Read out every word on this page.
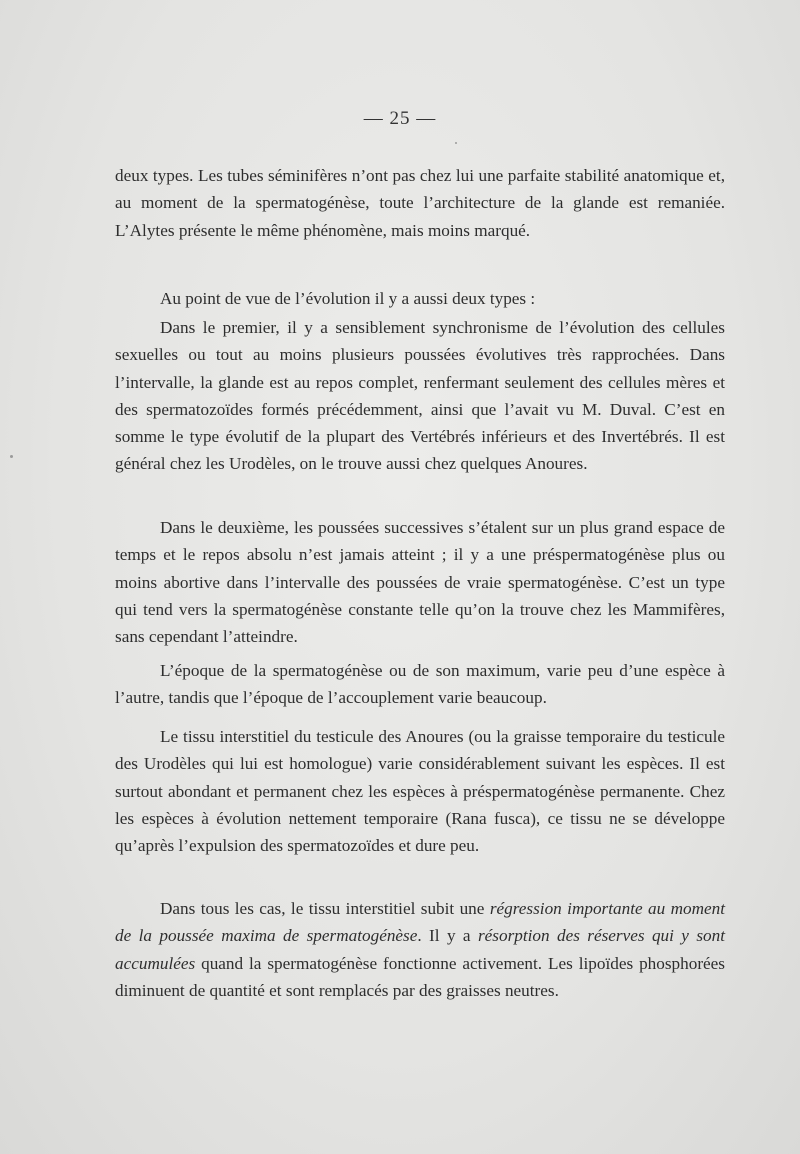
— 25 —

deux types. Les tubes séminifères n’ont pas chez lui une parfaite stabilité anatomique et, au moment de la spermatogénèse, toute l’architecture de la glande est remaniée. L’Alytes présente le même phénomène, mais moins marqué.

Au point de vue de l’évolution il y a aussi deux types :

Dans le premier, il y a sensiblement synchronisme de l’évolution des cellules sexuelles ou tout au moins plusieurs poussées évolutives très rapprochées. Dans l’intervalle, la glande est au repos complet, renfermant seulement des cellules mères et des spermatozoïdes formés précédemment, ainsi que l’avait vu M. Duval. C’est en somme le type évolutif de la plupart des Vertébrés inférieurs et des Invertébrés. Il est général chez les Urodèles, on le trouve aussi chez quelques Anoures.

Dans le deuxième, les poussées successives s’étalent sur un plus grand espace de temps et le repos absolu n’est jamais atteint ; il y a une préspermatogénèse plus ou moins abortive dans l’intervalle des poussées de vraie spermatogénèse. C’est un type qui tend vers la spermatogénèse constante telle qu’on la trouve chez les Mammifères, sans cependant l’atteindre.

L’époque de la spermatogénèse ou de son maximum, varie peu d’une espèce à l’autre, tandis que l’époque de l’accouplement varie beaucoup.

Le tissu interstitiel du testicule des Anoures (ou la graisse temporaire du testicule des Urodèles qui lui est homologue) varie considérablement suivant les espèces. Il est surtout abondant et permanent chez les espèces à préspermatogénèse permanente. Chez les espèces à évolution nettement temporaire (Rana fusca), ce tissu ne se développe qu’après l’expulsion des spermatozoïdes et dure peu.

Dans tous les cas, le tissu interstitiel subit une régression importante au moment de la poussée maxima de spermatogénèse. Il y a résorption des réserves qui y sont accumulées quand la spermatogénèse fonctionne activement. Les lipoïdes phosphorées diminuent de quantité et sont remplacés par des graisses neutres.
